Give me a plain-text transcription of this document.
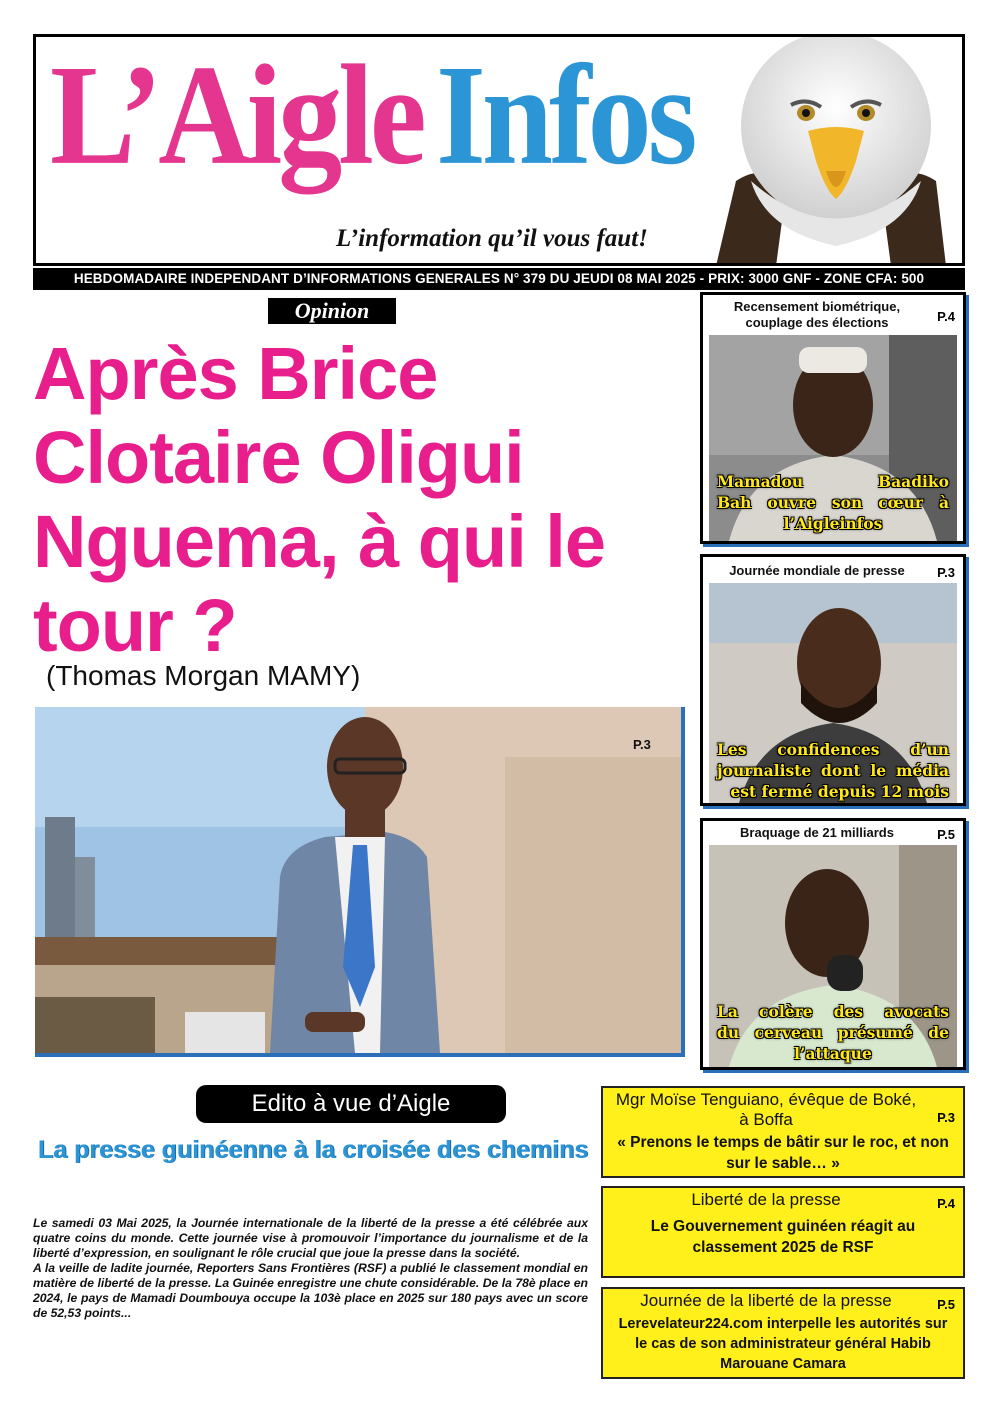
L’Aigle Infos
L’information qu’il vous faut!
HEBDOMADAIRE INDEPENDANT D’INFORMATIONS GENERALES N° 379 DU JEUDI 08 MAI 2025 - PRIX: 3000 GNF - ZONE CFA: 500
Opinion
Après Brice Clotaire Oligui Nguema, à qui le tour ?
(Thomas Morgan MAMY)
P.3
Recensement biométrique, couplage des élections	P.4
Mamadou Baadiko
Bah ouvre son cœur à
l’Aigleinfos
Journée mondiale de presse	P.3
Les confidences d’un
journaliste dont le média
est fermé depuis 12 mois
Braquage de 21 milliards	P.5
La colère des avocats
du cerveau présumé de
l’attaque
Edito à vue d’Aigle
La presse guinéenne à la croisée des chemins

Le samedi 03 Mai 2025, la Journée internationale de la liberté de la presse a été célébrée aux quatre coins du monde. Cette journée vise à promouvoir l’importance du journalisme et de la liberté d’expression, en soulignant le rôle crucial que joue la presse dans la société.

A la veille de ladite journée, Reporters Sans Frontières (RSF) a publié le classement mondial en matière de liberté de la presse. La Guinée enregistre une chute considérable. De la 78è place en 2024, le pays de Mamadi Doumbouya occupe la 103è place en 2025 sur 180 pays avec un score de 52,53 points...

Mgr Moïse Tenguiano, évêque de Boké, à Boffa	P.3
« Prenons le temps de bâtir sur le roc, et non sur le sable… »
Liberté de la presse	P.4
Le Gouvernement guinéen réagit au classement 2025 de RSF
Journée de la liberté de la presse	P.5
Lerevelateur224.com interpelle les autorités sur le cas de son administrateur général Habib Marouane Camara
